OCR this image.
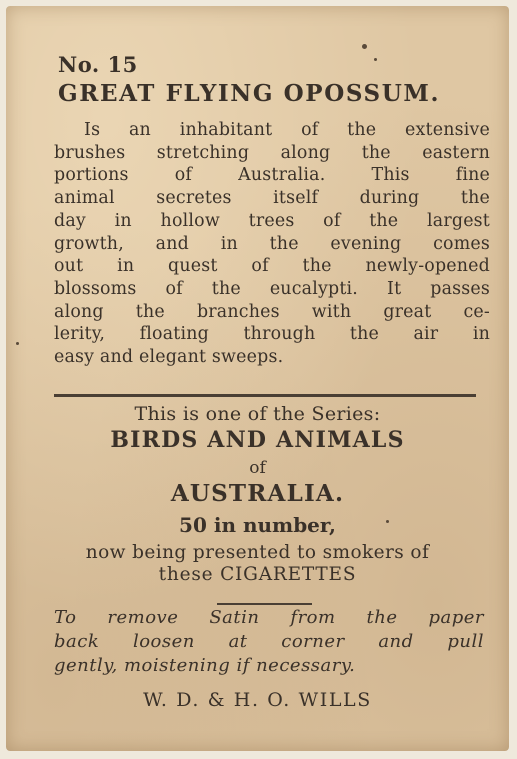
No. 15
GREAT FLYING OPOSSUM.
Is an inhabitant of the extensive
brushes stretching along the eastern
portions of Australia. This fine
animal secretes itself during the
day in hollow trees of the largest
growth, and in the evening comes
out in quest of the newly-opened
blossoms of the eucalypti. It passes
along the branches with great ce-
lerity, floating through the air in
easy and elegant sweeps.
This is one of the Series:
BIRDS AND ANIMALS
of
AUSTRALIA.
50 in number,
now being presented to smokers of
these CIGARETTES
To remove Satin from the paper
back loosen at corner and pull
gently, moistening if necessary.
W. D. & H. O. WILLS
